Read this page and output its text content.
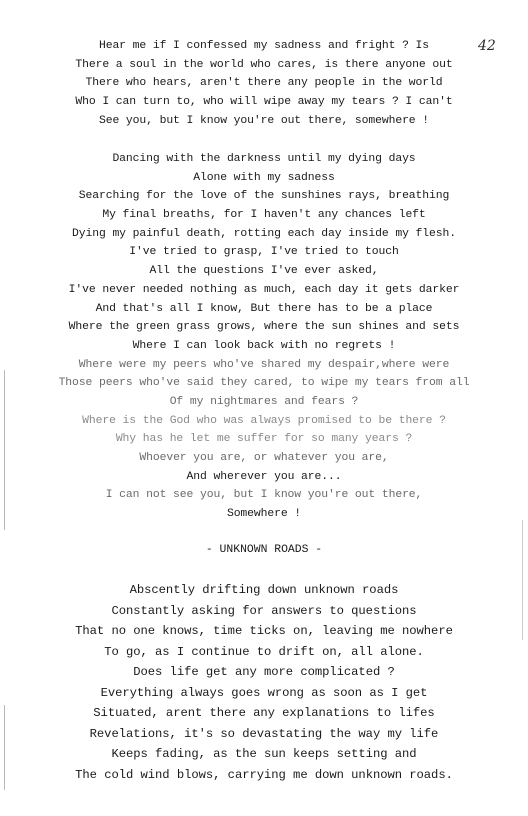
42
Hear me if I confessed my sadness and fright ? Is
There a soul in the world who cares, is there anyone out
There who hears, aren't there any people in the world
Who I can turn to, who will wipe away my tears ? I can't
See you, but I know you're out there, somewhere !
Dancing with the darkness until my dying days
Alone with my sadness
Searching for the love of the sunshines rays, breathing
My final breaths, for I haven't any chances left
Dying my painful death, rotting each day inside my flesh.
I've tried to grasp, I've tried to touch
All the questions I've ever asked,
I've never needed nothing as much, each day it gets darker
And that's all I know, But there has to be a place
Where the green grass grows, where the sun shines and sets
Where I can look back with no regrets !
Where were my peers who've shared my despair,where were
Those peers who've said they cared, to wipe my tears from all
Of my nightmares and fears ?
Where is the God who was always promised to be there ?
Why has he let me suffer for so many years ?
Whoever you are, or whatever you are,
And wherever you are...
I can not see you, but I know you're out there,
Somewhere !
- UNKNOWN ROADS -
Abscently drifting down unknown roads
Constantly asking for answers to questions
That no one knows, time ticks on, leaving me nowhere
To go, as I continue to drift on, all alone.
Does life get any more complicated ?
Everything always goes wrong as soon as I get
Situated, arent there any explanations to lifes
Revelations, it's so devastating the way my life
Keeps fading, as the sun keeps setting and
The cold wind blows, carrying me down unknown roads.
